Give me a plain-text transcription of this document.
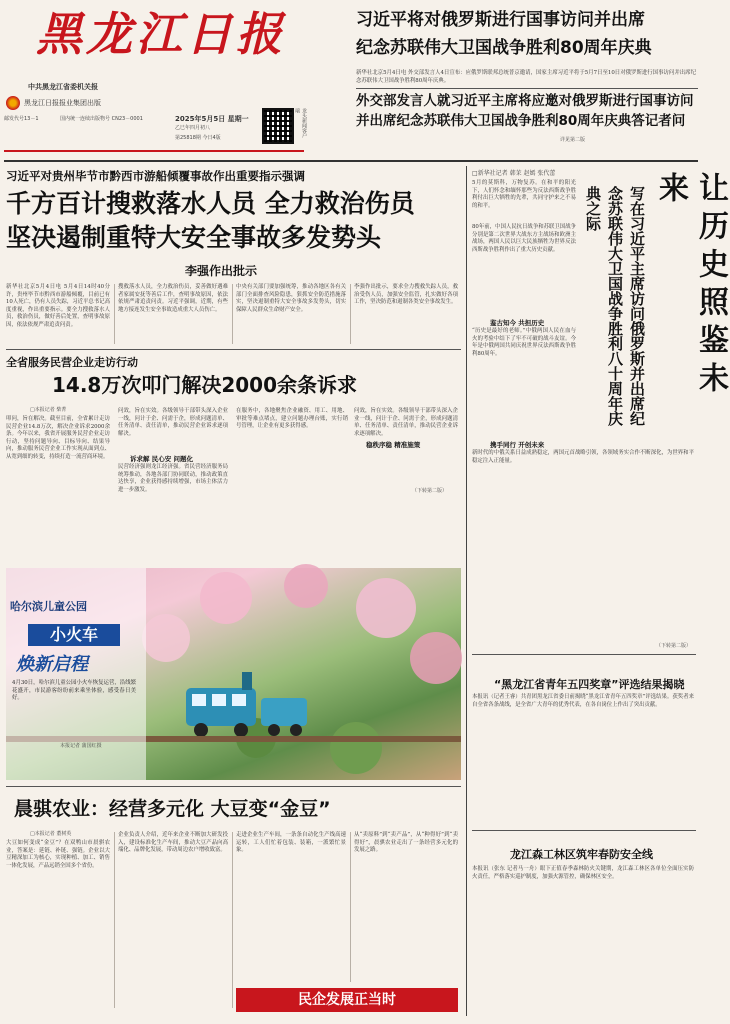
黑龙江日报
中共黑龙江省委机关报
黑龙江日报报业集团出版
邮发代号13－1	国内统一连续出版物号 CN23－0001	2025年5月5日 星期一
乙巳年四月初八
第25818期 今日4版	龙头新闻客户端
习近平将对俄罗斯进行国事访问并出席
纪念苏联伟大卫国战争胜利80周年庆典
新华社北京5月4日电 外交部发言人4日宣布：应俄罗斯联邦总统普京邀请，国家主席习近平将于5月7日至10日对俄罗斯进行国事访问并出席纪念苏联伟大卫国战争胜利80周年庆典。
外交部发言人就习近平主席将应邀对俄罗斯进行国事访问
并出席纪念苏联伟大卫国战争胜利80周年庆典答记者问
详见第二版
习近平对贵州毕节市黔西市游船倾覆事故作出重要指示强调
千方百计搜救落水人员 全力救治伤员
坚决遏制重特大安全事故多发势头
李强作出批示
新华社北京5月4日电 5月4日14时40分许，贵州毕节市黔西市游船倾覆，目前已有10人死亡，仍有人员失踪，习近平总书记高度重视，作出重要指示。要全力搜救落水人员，救治伤员，做好善后处置，查明事故原因，依法依规严肃追责问责。
搜救落水人员，全力救治伤员，妥善做好遇难者家属安抚等善后工作，查明事故原因，依法依规严肃追责问责。习近平强调，近期，有些地方接连发生安全事故造成重大人员伤亡。
中央有关部门要加强统筹，推动各地区各有关部门全面排查风险隐患，狠抓安全防范措施落实，坚决遏制重特大安全事故多发势头，切实保障人民群众生命财产安全。
李强作出批示，要求全力搜救失踪人员，救治受伤人员，加强安全监管，扎实做好各项工作，坚决防范和遏制各类安全事故发生。
全省服务民营企业走访行动
14.8万次叩门解决2000余条诉求
□本报记者 柴菁
叩问，旨在解决。截至目前，全省累计走访民营企业14.8万次，解决企业诉求2000余条。今年以来，我省开展服务民营企业走访行动，坚持问题导向、目标导向、结果导向，推动服务民营企业工作实现从面到点、从宽到细的转变，持续打造一流营商环境。
问效，旨在实效。各级领导干部带头深入企业一线，问计于企、问需于企，形成问题清单、任务清单、责任清单，推动民营企业诉求逐项解决。
诉求解 民心安 问题化
民营经济强则龙江经济强。省民营经济服务局统筹推动，各地各部门协同联动，推动政策直达快享，企业获得感持续增强，市场主体活力进一步激发。
在服务中，各地聚焦企业融资、用工、用地、审批等难点堵点，建立问题办理台账，实行销号管理，让企业有更多获得感。
稳秩序稳 精准施策
问效，旨在实效。各级领导干部带头深入企业一线，问计于企、问需于企，形成问题清单、任务清单、责任清单，推动民营企业诉求逐项解决。
（下转第二版）
哈尔滨儿童公园
小火车
焕新启程
4月30日，哈尔滨儿童公园小火车恢复运营，沿线繁花盛开，市民游客纷纷前来乘坐体验，感受春日美好。
本报记者 蒲国红摄
晨骐农业：经营多元化 大豆变“金豆”
□本报记者 董树英
大豆如何变成“金豆”？在双鸭山市晨骐农业，答案是：延链、补链、强链。企业以大豆精深加工为核心，实现种植、加工、销售一体化发展，产品远销全国多个省份。
企业负责人介绍，近年来企业不断加大研发投入，建设标准化生产车间，推动大豆产品向高端化、品牌化发展，带动周边农户增收致富。
走进企业生产车间，一条条自动化生产线高速运转，工人们忙着包装、装箱，一派繁忙景象。
从“卖原料”到“卖产品”，从“种得好”到“卖得好”，晨骐农业走出了一条经营多元化的发展之路。
民企发展正当时
□新华社记者 韩茉 赵嫣 张代蕾
5月的莫斯科，万物复苏。在和平的阳光下，人们怀念和缅怀那些为反法西斯战争胜利付出巨大牺牲的先辈，共同守护来之不易的和平。
80年前，中国人民抗日战争和苏联卫国战争分别是第二次世界大战东方主战场和欧洲主战场，两国人民以巨大民族牺牲为世界反法西斯战争胜利作出了重大历史贡献。
鉴古知今 共担历史
“历史是最好的老师。”中俄两国人民在血与火的考验中结下了牢不可破的战斗友谊。今年是中俄两国共同庆祝世界反法西斯战争胜利80周年。
携手同行 开创未来
新时代的中俄关系日益成熟稳定，两国元首战略引领，各领域务实合作不断深化，为世界和平稳定注入正能量。
（下转第二版）
让历史照鉴未来
写在习近平主席访问俄罗斯并出席纪念苏联伟大卫国战争胜利八十周年庆典之际
“黑龙江省青年五四奖章”评选结果揭晓
本报讯（记者王睿）共青团黑龙江省委日前揭晓“黑龙江省青年五四奖章”评选结果。获奖者来自全省各条战线，是全省广大青年的优秀代表，在各自岗位上作出了突出贡献。
龙江森工林区筑牢春防安全线
本报讯（张东 记者马一舟）眼下正值春季森林防火关键期，龙江森工林区各单位全面压实防火责任，严格落实巡护制度，加强火源管控，确保林区安全。
